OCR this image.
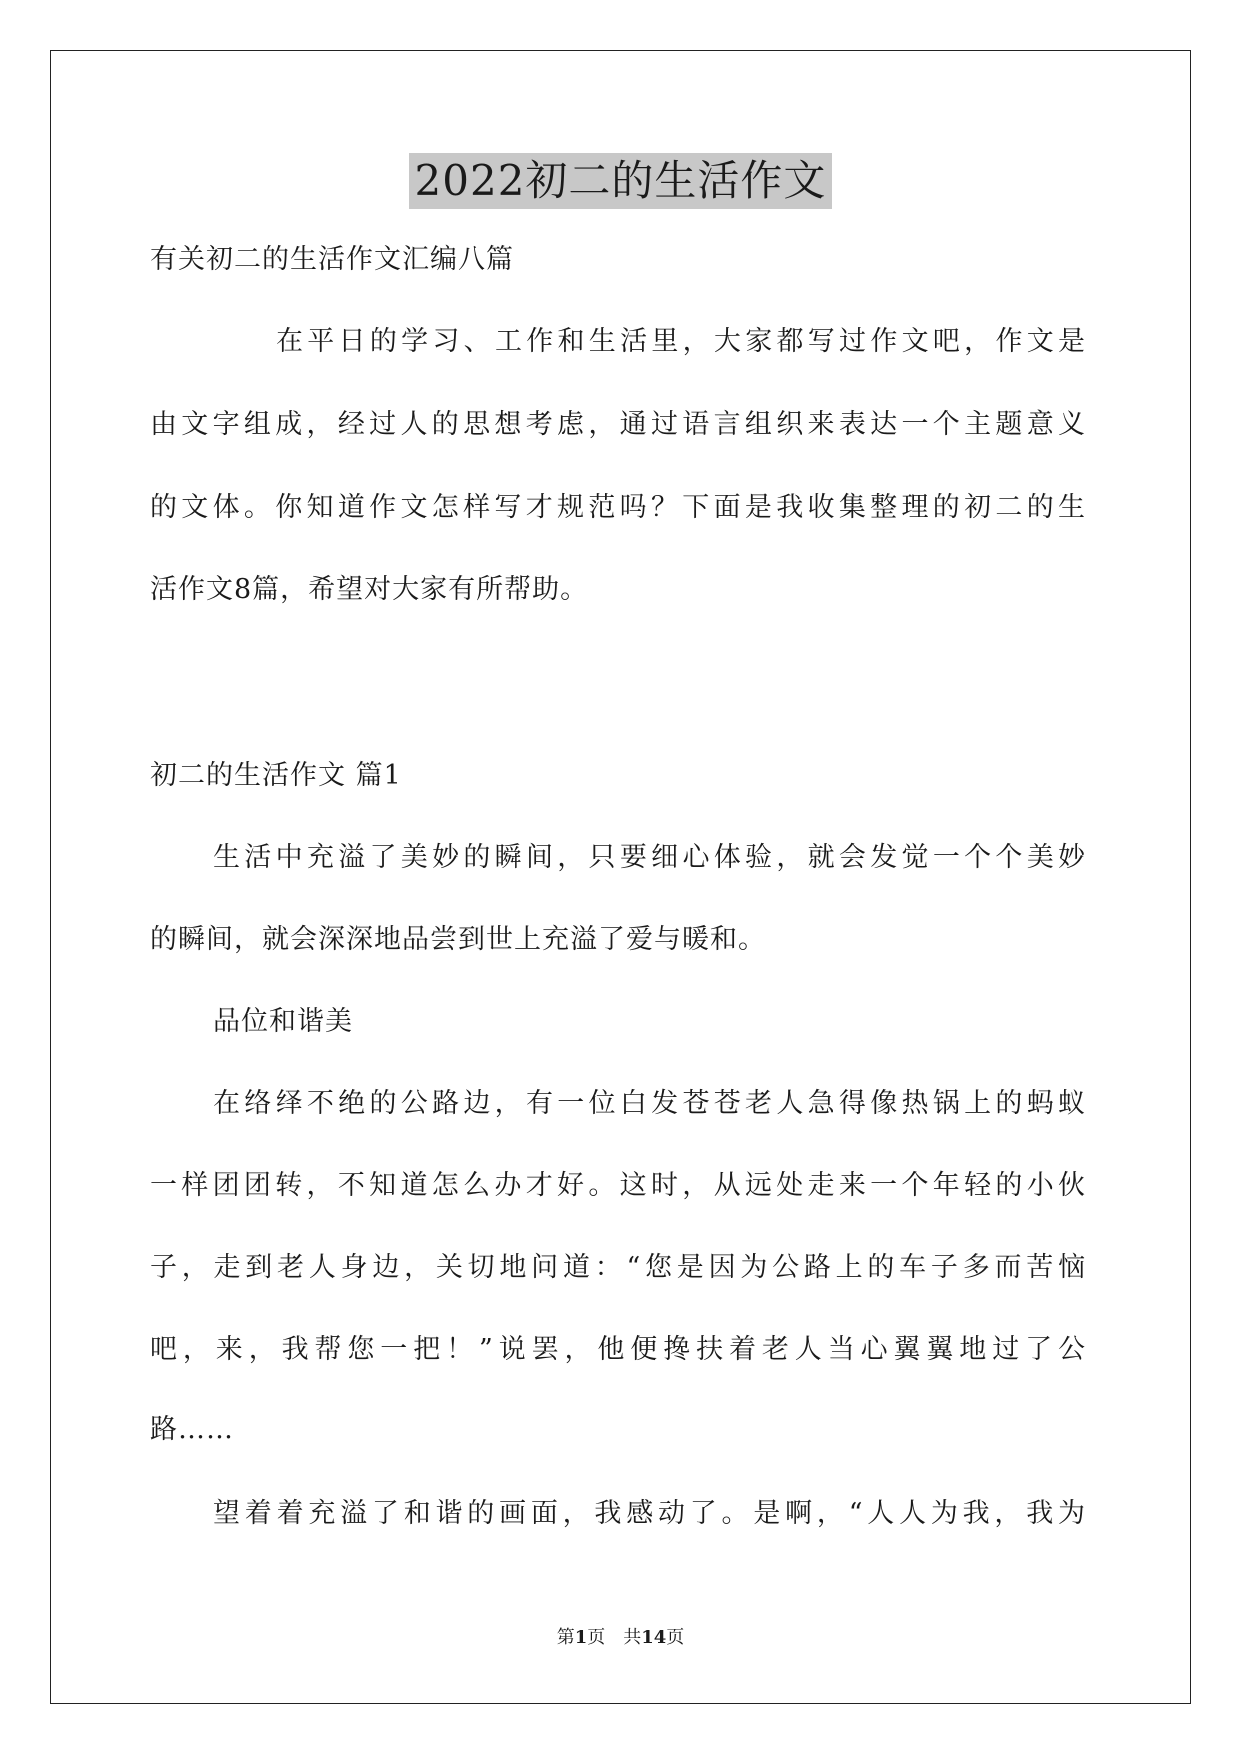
2022初二的生活作文
有关初二的生活作文汇编八篇
在平日的学习、工作和生活里，大家都写过作文吧，作文是
由文字组成，经过人的思想考虑，通过语言组织来表达一个主题意义
的文体。你知道作文怎样写才规范吗？下面是我收集整理的初二的生
活作文8篇，希望对大家有所帮助。
初二的生活作文 篇1
生活中充溢了美妙的瞬间，只要细心体验，就会发觉一个个美妙
的瞬间，就会深深地品尝到世上充溢了爱与暖和。
品位和谐美
在络绎不绝的公路边，有一位白发苍苍老人急得像热锅上的蚂蚁
一样团团转，不知道怎么办才好。这时，从远处走来一个年轻的小伙
子，走到老人身边，关切地问道：“您是因为公路上的车子多而苦恼
吧，来，我帮您一把！”说罢，他便搀扶着老人当心翼翼地过了公
路……
望着着充溢了和谐的画面，我感动了。是啊，“人人为我，我为
第1页　共14页
